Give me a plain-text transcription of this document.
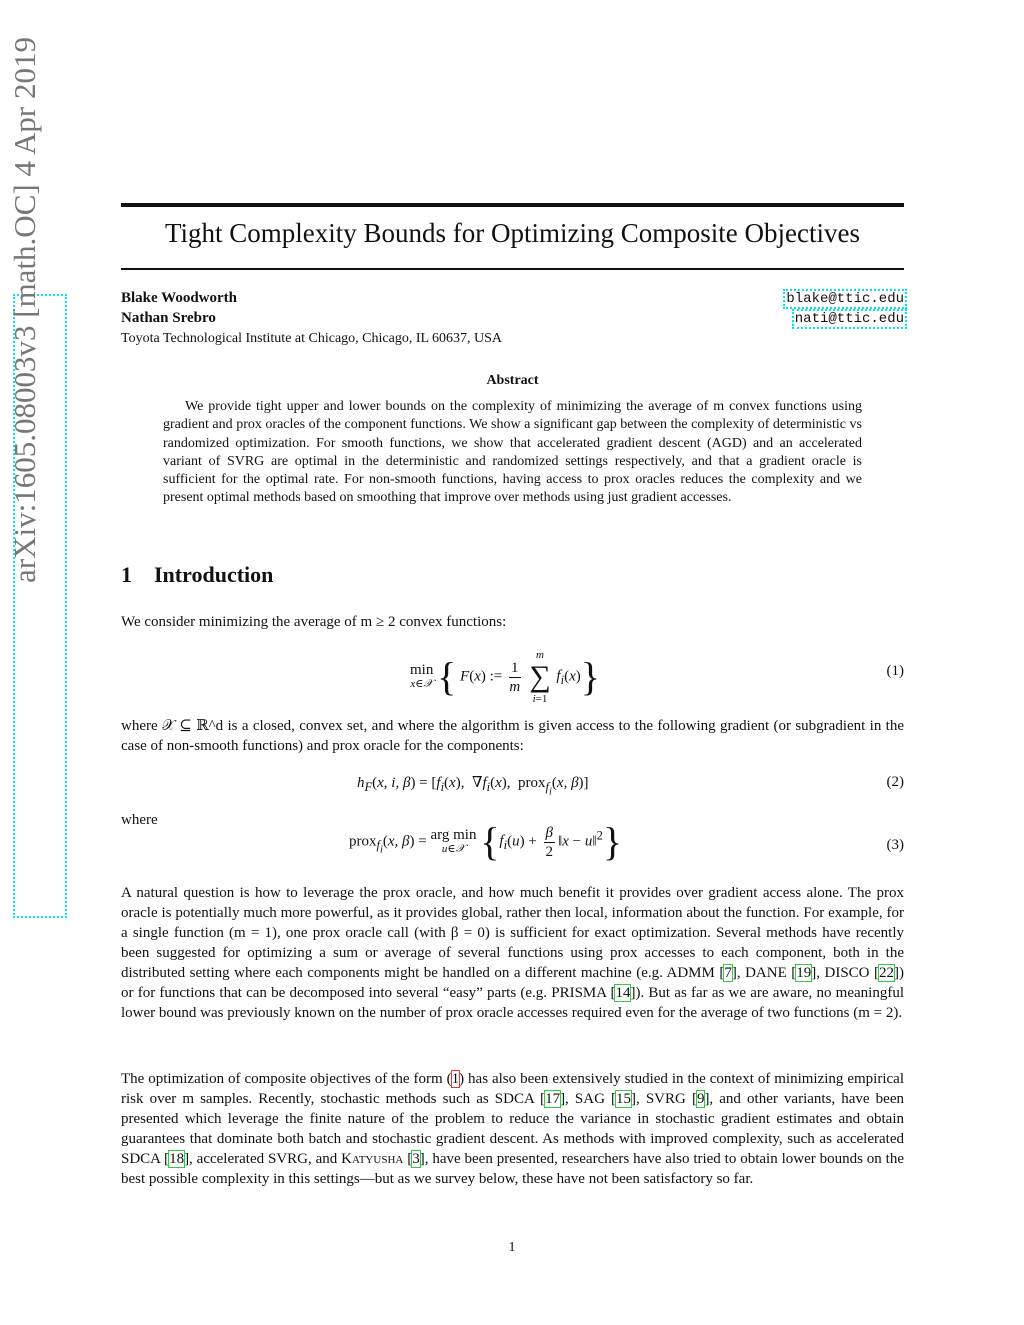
arXiv:1605.08003v3 [math.OC] 4 Apr 2019	Tight Complexity Bounds for Optimizing Composite Objectives
Blake Woodworth	blake@ttic.edu
Nathan Srebro	nati@ttic.edu
Toyota Technological Institute at Chicago, Chicago, IL 60637, USA
Abstract
We provide tight upper and lower bounds on the complexity of minimizing the average of m convex functions using gradient and prox oracles of the component functions. We show a significant gap between the complexity of deterministic vs randomized optimization. For smooth functions, we show that accelerated gradient descent (AGD) and an accelerated variant of SVRG are optimal in the deterministic and randomized settings respectively, and that a gradient oracle is sufficient for the optimal rate. For non-smooth functions, having access to prox oracles reduces the complexity and we present optimal methods based on smoothing that improve over methods using just gradient accesses.
1 Introduction
We consider minimizing the average of m ≥ 2 convex functions:
min
x∈𝒳 { F(x) := $\frac{1}{m}$

m
∑
i=1
$f_i(x)$}	(1)
where 𝒳 ⊆ ℝ^d is a closed, convex set, and where the algorithm is given access to the following gradient (or subgradient in the case of non-smooth functions) and prox oracle for the components:
$h_F(x$, i, $\beta) = [f_i(x)$,  $\nabla f_i(x)$,  prox$_{f_i}$(x, β)]	(2)
where
prox$_{f_i}$(x, β) = arg min
u∈𝒳 {$f_i(u) + \frac{\beta}{2}$ ‖x − u‖$^2$}	(3)
A natural question is how to leverage the prox oracle, and how much benefit it provides over gradient access alone. The prox oracle is potentially much more powerful, as it provides global, rather then local, information about the function. For example, for a single function (m = 1), one prox oracle call (with β = 0) is sufficient for exact optimization. Several methods have recently been suggested for optimizing a sum or average of several functions using prox accesses to each component, both in the distributed setting where each components might be handled on a different machine (e.g. ADMM [7], DANE [19], DISCO [22]) or for functions that can be decomposed into several “easy” parts (e.g. PRISMA [14]). But as far as we are aware, no meaningful lower bound was previously known on the number of prox oracle accesses required even for the average of two functions (m = 2).
The optimization of composite objectives of the form (1) has also been extensively studied in the context of minimizing empirical risk over m samples. Recently, stochastic methods such as SDCA [17], SAG [15], SVRG [9], and other variants, have been presented which leverage the finite nature of the problem to reduce the variance in stochastic gradient estimates and obtain guarantees that dominate both batch and stochastic gradient descent. As methods with improved complexity, such as accelerated SDCA [18], accelerated SVRG, and Katyusha [3], have been presented, researchers have also tried to obtain lower bounds on the best possible complexity in this settings—but as we survey below, these have not been satisfactory so far.
1
